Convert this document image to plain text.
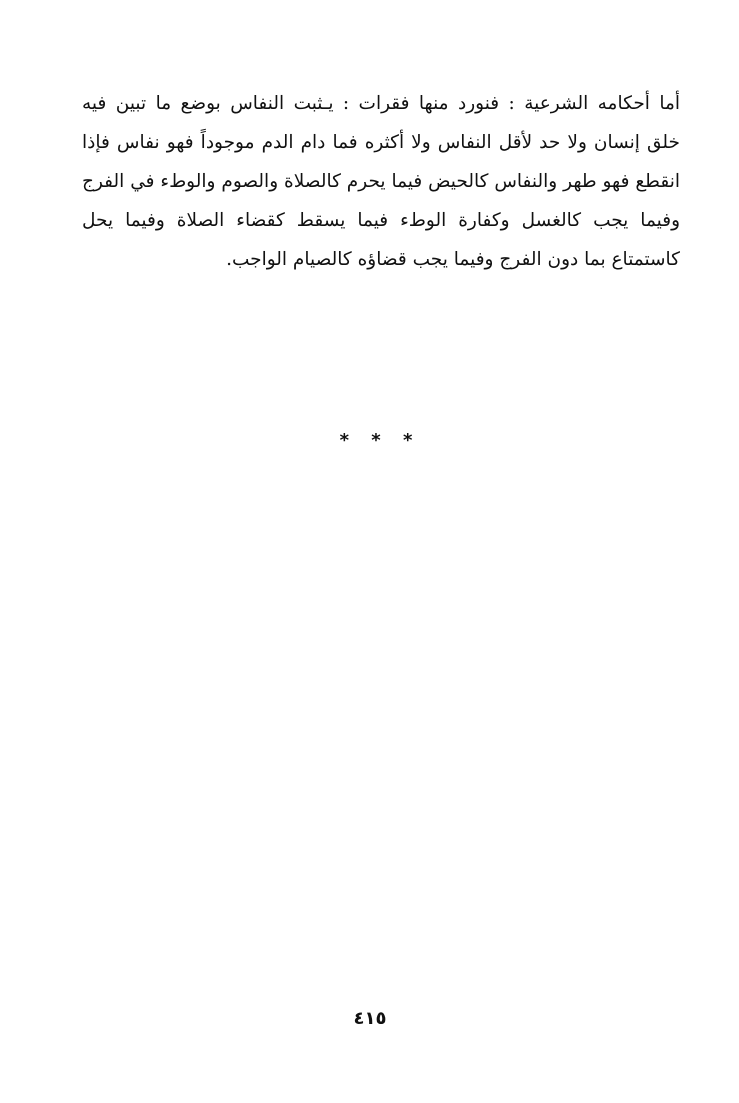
أما أحكامه الشرعية : فنورد منها فقرات : يـثبت النفاس بوضع ما تبين فيه
خلق إنسان ولا حد لأقل النفاس ولا أكثره فما دام الدم موجوداً فهو نفاس فإذا
انقطع فهو طهر والنفاس كالحيض فيما يحرم كالصلاة والصوم والوطء في الفرج
وفيما يجب كالغسل وكفارة الوطء فيما يسقط كقضاء الصلاة وفيما يحل
كاستمتاع بما دون الفرج وفيما يجب قضاؤه كالصيام الواجب.
* * *
٤١٥
